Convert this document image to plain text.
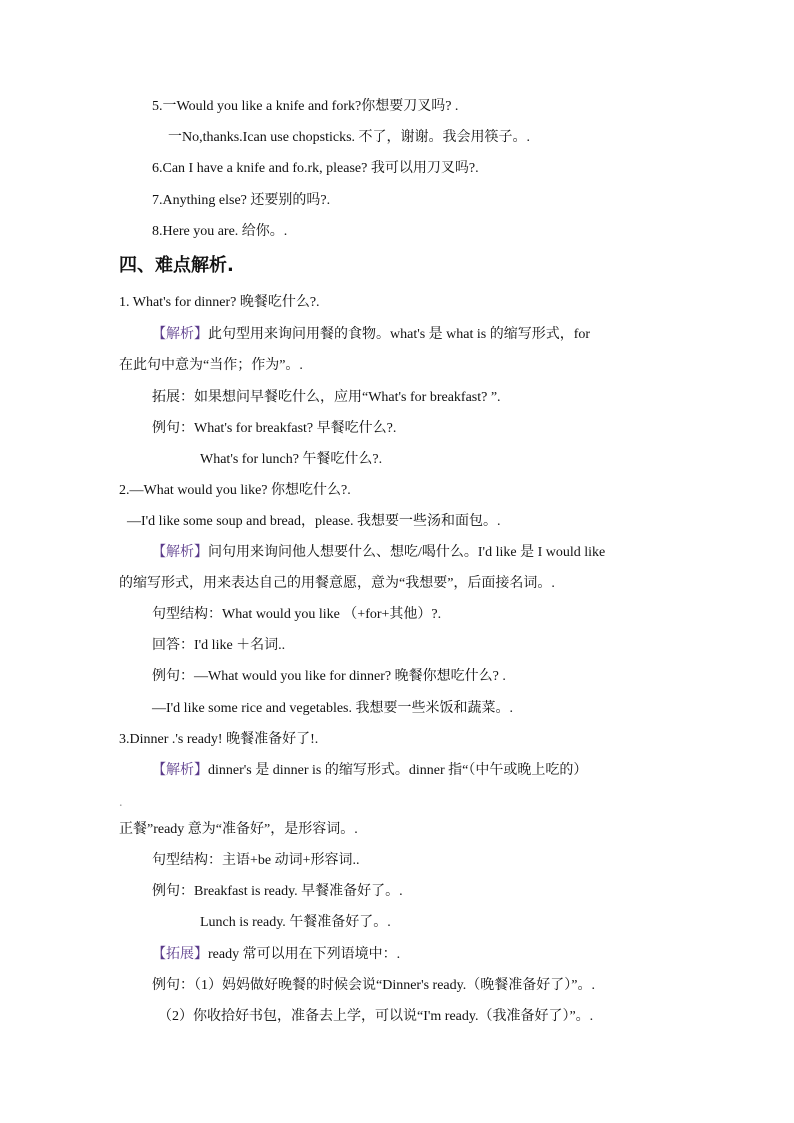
5.一Would you like a knife and fork?你想要刀叉吗? .
一No,thanks.Ican use chopsticks. 不了，谢谢。我会用筷子。.
6.Can I have a knife and fo.rk, please? 我可以用刀叉吗?.
7.Anything else? 还要别的吗?.
8.Here you are. 给你。.
四、难点解析.
1. What's for dinner? 晚餐吃什么?.
【解析】此句型用来询问用餐的食物。what's 是 what is 的缩写形式，for
在此句中意为“当作；作为”。.
拓展：如果想问早餐吃什么，应用“What's for breakfast? ”.
例句：What's for breakfast? 早餐吃什么?.
What's for lunch? 午餐吃什么?.
2.—What would you like? 你想吃什么?.
—I'd like some soup and bread，please. 我想要一些汤和面包。.
【解析】问句用来询问他人想要什么、想吃/喝什么。I'd like 是 I would like
的缩写形式，用来表达自己的用餐意愿，意为“我想要”，后面接名词。.
句型结构：What would you like （+for+其他）?.
回答：I'd like ＋名词..
例句：—What would you like for dinner? 晚餐你想吃什么? .
—I'd like some rice and vegetables. 我想要一些米饭和蔬菜。.
3.Dinner .'s ready! 晚餐准备好了!.
【解析】dinner's 是 dinner is 的缩写形式。dinner 指“（中午或晚上吃的）
.
正餐”ready 意为“准备好”，是形容词。.
句型结构：主语+be 动词+形容词..
例句：Breakfast is ready. 早餐准备好了。.
Lunch is ready. 午餐准备好了。.
【拓展】ready 常可以用在下列语境中：.
例句：（1）妈妈做好晚餐的时候会说“Dinner's ready.（晚餐准备好了）”。.
（2）你收拾好书包，准备去上学，可以说“I'm ready.（我准备好了）”。.
